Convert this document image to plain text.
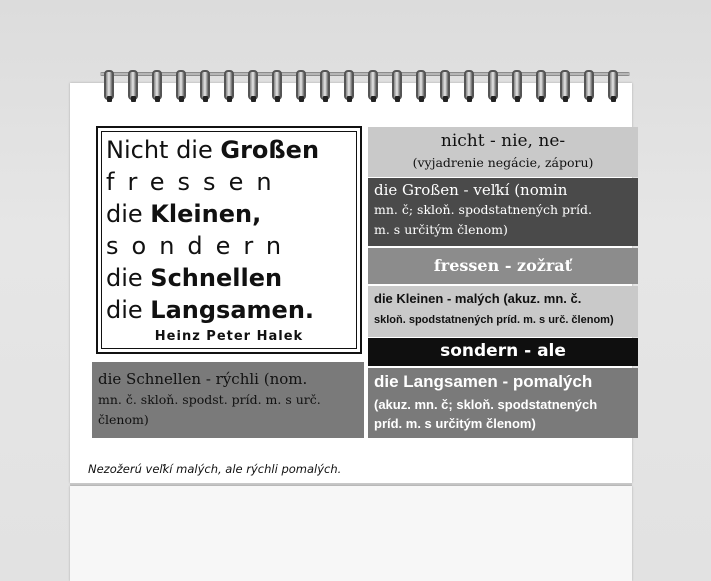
Nicht die Großen
fressen
die Kleinen,
sondern
die Schnellen
die Langsamen.
Heinz Peter Halek
nicht - nie, ne-
(vyjadrenie negácie, záporu)
die Großen - veľkí (nomin
mn. č; skloň. spodstatnených príd.
m. s určitým členom)
fressen - zožrať
die Kleinen - malých (akuz. mn. č.
skloň. spodstatnených príd. m. s urč. členom)
sondern - ale
die Langsamen - pomalých
(akuz. mn. č; skloň. spodstatnených
príd. m. s určitým členom)
die Schnellen - rýchli (nom.
mn. č. skloň. spodst. príd. m. s urč.
členom)
Nezožerú veľkí malých, ale rýchli pomalých.
